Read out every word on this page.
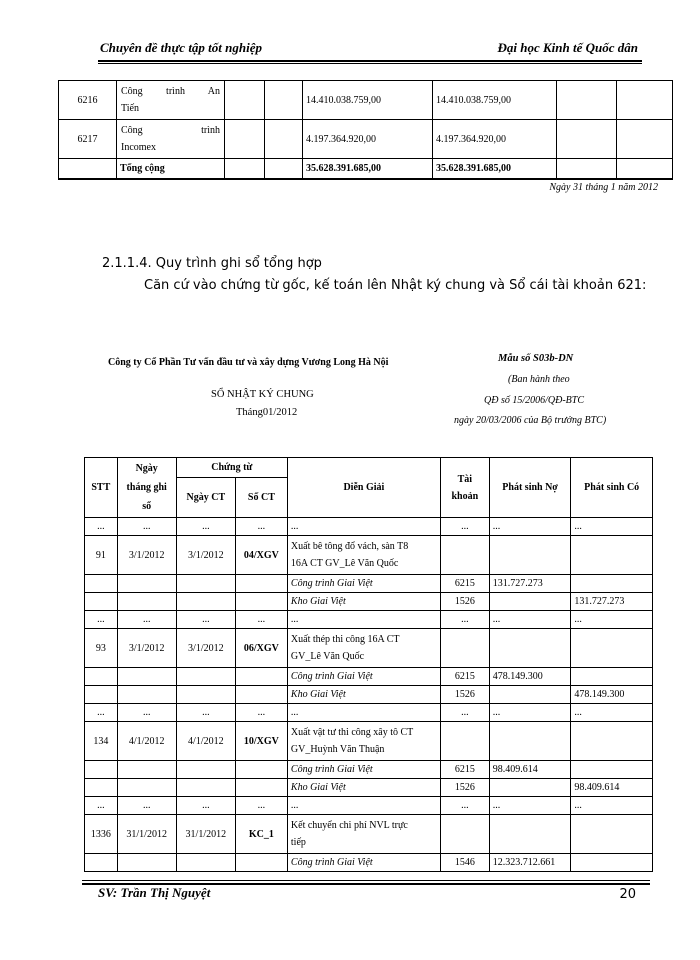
Chuyên đề thực tập tốt nghiệp	Đại học Kinh tế Quốc dân
6216	Công trình An
Tiến			14.410.038.759,00	14.410.038.759,00		
6217	Công trình
Incomex			4.197.364.920,00	4.197.364.920,00		
	Tổng cộng			35.628.391.685,00	35.628.391.685,00		
Ngày 31 tháng 1 năm 2012
2.1.1.4. Quy trình ghi sổ tổng hợp
Căn cứ vào chứng từ gốc, kế toán lên Nhật ký chung và Sổ cái tài khoản 621:
Công ty Cổ Phần Tư vấn đầu tư và xây dựng Vương Long Hà Nội	Mẫu số S03b-DN
(Ban hành theo
QĐ số 15/2006/QĐ-BTC
ngày 20/03/2006 của Bộ trưởng BTC)
SỔ NHẬT KÝ CHUNG
Tháng01/2012
STT	Ngày
tháng ghi
sổ	Chứng từ		Diễn Giải	Tài
khoản	Phát sinh Nợ	Phát sinh Có
		Ngày CT	Số CT				
...	...	...	...	...	...	...	...
91	3/1/2012	3/1/2012	04/XGV	Xuất bê tông đổ vách, sàn T8
16A CT GV_Lê Văn Quốc			
				Công trình Giai Việt	6215	131.727.273	
				Kho Giai Việt	1526		131.727.273
...	...	...	...	...	...	...	...
93	3/1/2012	3/1/2012	06/XGV	Xuất thép thi công 16A CT
GV_Lê Văn Quốc			
				Công trình Giai Việt	6215	478.149.300	
				Kho Giai Việt	1526		478.149.300
...	...	...	...	...	...	...	...
134	4/1/2012	4/1/2012	10/XGV	Xuất vật tư thi công xây tô CT
GV_Huỳnh Văn Thuận			
				Công trình Giai Việt	6215	98.409.614	
				Kho Giai Việt	1526		98.409.614
...	...	...	...	...	...	...	...
1336	31/1/2012	31/1/2012	KC_1	Kết chuyển chi phí NVL trực
tiếp			
				Công trình Giai Việt	1546	12.323.712.661	
SV: Trần Thị Nguyệt	20
